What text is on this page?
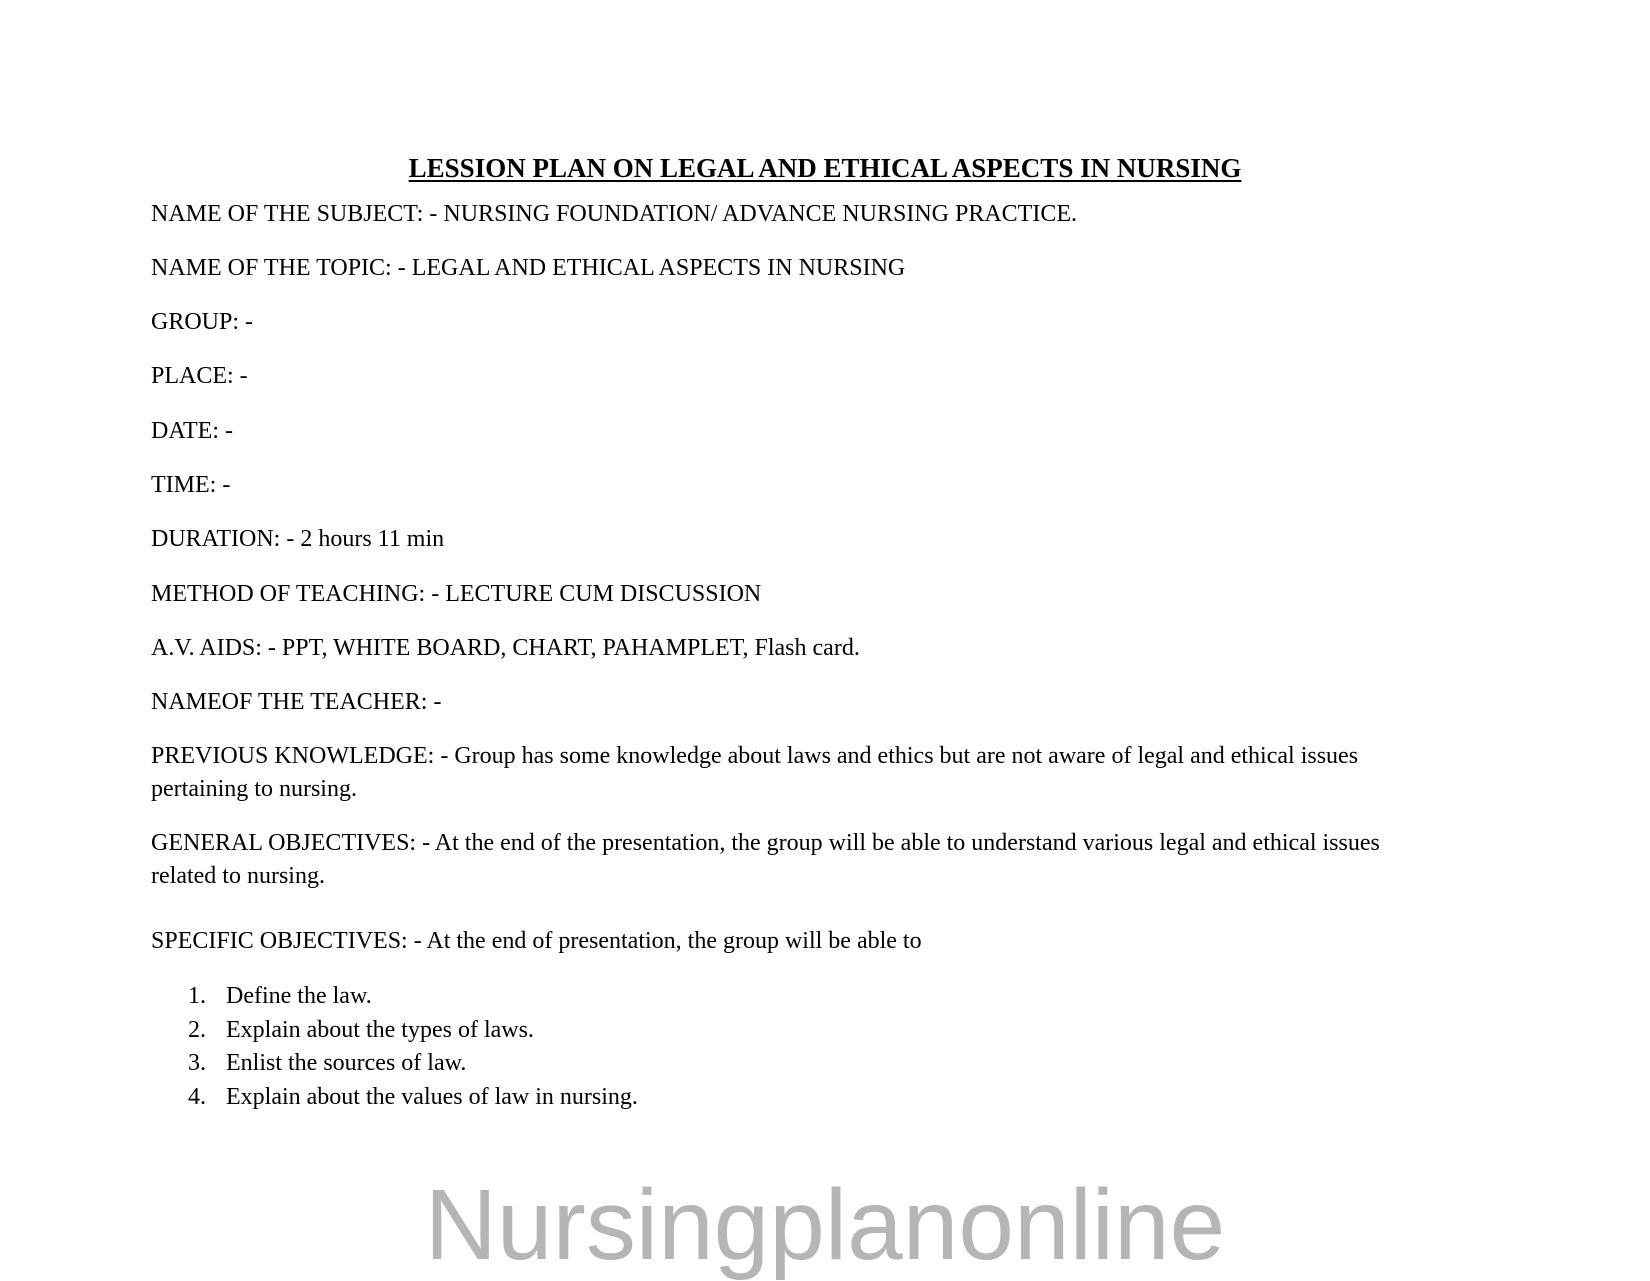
LESSION PLAN ON LEGAL AND ETHICAL ASPECTS IN NURSING

NAME OF THE SUBJECT: - NURSING FOUNDATION/ ADVANCE NURSING PRACTICE.

NAME OF THE TOPIC: - LEGAL AND ETHICAL ASPECTS IN NURSING

GROUP: -

PLACE: -

DATE: -

TIME: -

DURATION: - 2 hours 11 min

METHOD OF TEACHING: - LECTURE CUM DISCUSSION

A.V. AIDS: - PPT, WHITE BOARD, CHART, PAHAMPLET, Flash card.

NAMEOF THE TEACHER: -

PREVIOUS KNOWLEDGE: - Group has some knowledge about laws and ethics but are not aware of legal and ethical issues pertaining to nursing.

GENERAL OBJECTIVES: - At the end of the presentation, the group will be able to understand various legal and ethical issues related to nursing.

SPECIFIC OBJECTIVES: - At the end of presentation, the group will be able to

1. Define the law.
2. Explain about the types of laws.
3. Enlist the sources of law.
4. Explain about the values of law in nursing.
Nursingplanonline
